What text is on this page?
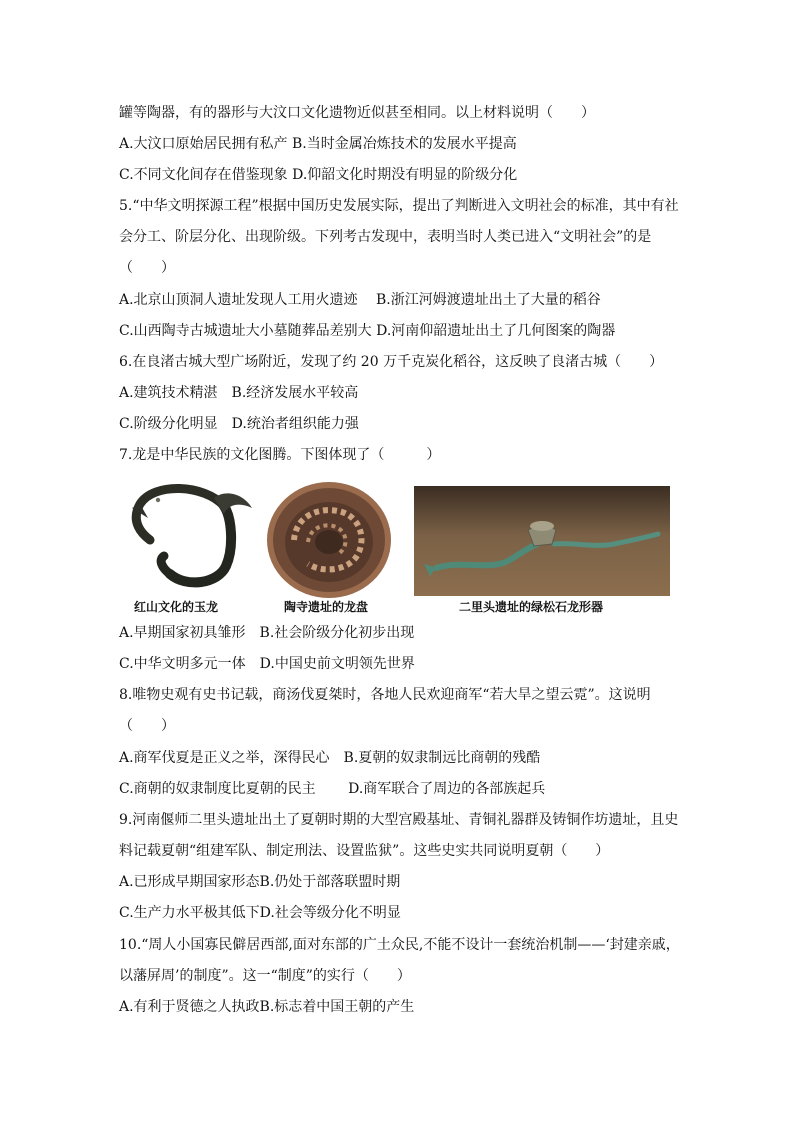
罐等陶器，有的器形与大汶口文化遗物近似甚至相同。以上材料说明（　　）
A.大汶口原始居民拥有私产 B.当时金属冶炼技术的发展水平提高
C.不同文化间存在借鉴现象 D.仰韶文化时期没有明显的阶级分化
5.“中华文明探源工程”根据中国历史发展实际，提出了判断进入文明社会的标准，其中有社
会分工、阶层分化、出现阶级。下列考古发现中，表明当时人类已进入“文明社会”的是
（　　）
A.北京山顶洞人遗址发现人工用火遗迹　 B.浙江河姆渡遗址出土了大量的稻谷
C.山西陶寺古城遗址大小墓随葬品差别大 D.河南仰韶遗址出土了几何图案的陶器
6.在良渚古城大型广场附近，发现了约 20 万千克炭化稻谷，这反映了良渚古城（　　）
A.建筑技术精湛　B.经济发展水平较高
C.阶级分化明显　D.统治者组织能力强
7.龙是中华民族的文化图腾。下图体现了（　　　）
红山文化的玉龙	陶寺遗址的龙盘	二里头遗址的绿松石龙形器
A.早期国家初具雏形　B.社会阶级分化初步出现
C.中华文明多元一体　D.中国史前文明领先世界
8.唯物史观有史书记载，商汤伐夏桀时，各地人民欢迎商军“若大旱之望云霓”。这说明
（　　）
A.商军伐夏是正义之举，深得民心　B.夏朝的奴隶制远比商朝的残酷
C.商朝的奴隶制度比夏朝的民主　　 D.商军联合了周边的各部族起兵
9.河南偃师二里头遗址出土了夏朝时期的大型宫殿基址、青铜礼器群及铸铜作坊遗址，且史
料记载夏朝“组建军队、制定刑法、设置监狱”。这些史实共同说明夏朝（　　）
A.已形成早期国家形态B.仍处于部落联盟时期
C.生产力水平极其低下D.社会等级分化不明显
10.“周人小国寡民僻居西部,面对东部的广土众民,不能不设计一套统治机制——‘封建亲戚，
以藩屏周’的制度”。这一“制度”的实行（　　）
A.有利于贤德之人执政B.标志着中国王朝的产生
